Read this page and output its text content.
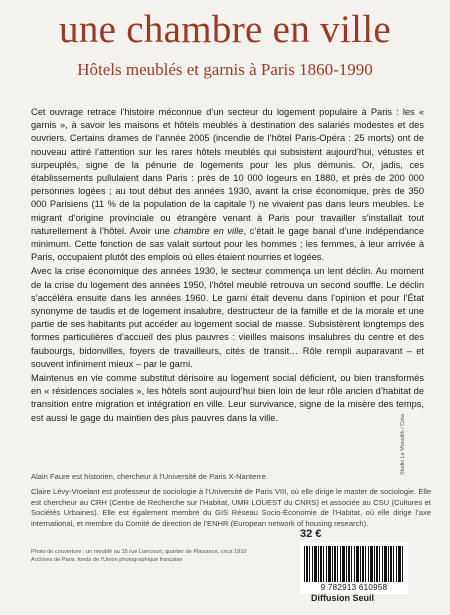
une chambre en ville
Hôtels meublés et garnis à Paris 1860-1990

Cet ouvrage retrace l’histoire méconnue d’un secteur du logement populaire à Paris : les « garnis », à savoir les maisons et hôtels meublés à destination des salariés modestes et des ouvriers. Certains drames de l’année 2005 (incendie de l’hôtel Paris-Opéra : 25 morts) ont de nouveau attiré l’attention sur les rares hôtels meublés qui subsistent aujourd’hui, vétustes et surpeuplés, signe de la pénurie de logements pour les plus démunis. Or, jadis, ces établissements pullulaient dans Paris : près de 10 000 logeurs en 1880, et près de 200 000 personnes logées ; au tout début des années 1930, avant la crise économique, près de 350 000 Parisiens (11 % de la population de la capitale !) ne vivaient pas dans leurs meubles. Le migrant d’origine provinciale ou étrangère venant à Paris pour travailler s’installait tout naturellement à l’hôtel. Avoir une chambre en ville, c’était le gage banal d’une indépendance minimum. Cette fonction de sas valait surtout pour les hommes ; les femmes, à leur arrivée à Paris, occupaient plutôt des emplois où elles étaient nourries et logées.

Avec la crise économique des années 1930, le secteur commença un lent déclin. Au moment de la crise du logement des années 1950, l’hôtel meublé retrouva un second souffle. Le déclin s’accéléra ensuite dans les années 1960. Le garni était devenu dans l’opinion et pour l’État synonyme de taudis et de logement insalubre, destructeur de la famille et de la morale et une partie de ses habitants put accéder au logement social de masse. Subsistèrent longtemps des formes particulières d’accueil des plus pauvres : vieilles maisons insalubres du centre et des faubourgs, bidonvilles, foyers de travailleurs, cités de transit… Rôle rempli auparavant – et souvent infiniment mieux – par le garni.

Maintenus en vie comme substitut dérisoire au logement social déficient, ou bien transformés en « résidences sociales », les hôtels sont aujourd’hui bien loin de leur rôle ancien d’habitat de transition entre migration et intégration en ville. Leur survivance, signe de la misère des temps, est aussi le gage du maintien des plus pauvres dans la ville.

Alain Faure est historien, chercheur à l’Université de Paris X-Nanterre.

Claire Lévy-Vroelant est professeur de sociologie à l’Université de Paris VIII, où elle dirige le master de sociologie. Elle est chercheur au CRH (Centre de Recherche sur l’Habitat, UMR LOUEST du CNRS) et associée au CSU (Cultures et Sociétés Urbaines). Elle est également membre du GIS Réseau Socio-Économie de l’Habitat, où elle dirige l’axe international, et membre du Comité de direction de l’ENHR (European network of housing research).

Photo de couverture : un meublé au 15 rue Liancourt, quartier de Plaisance, circa 1910
Archives de Paris, fonds de l’Union photographique française
Studio Le Monolith / Créa
32 €
9 782913 610958
Diffusion Seuil
